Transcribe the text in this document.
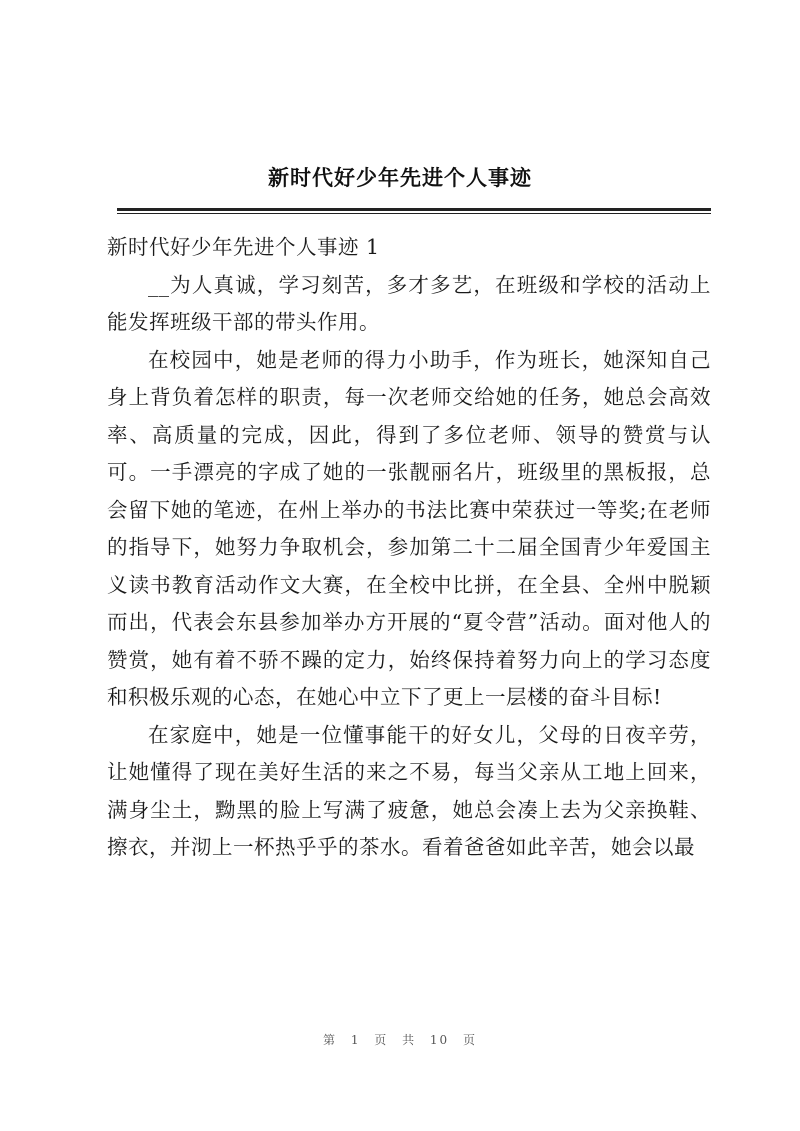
新时代好少年先进个人事迹

新时代好少年先进个人事迹 1

__为人真诚，学习刻苦，多才多艺，在班级和学校的活动上能发挥班级干部的带头作用。

在校园中，她是老师的得力小助手，作为班长，她深知自己身上背负着怎样的职责，每一次老师交给她的任务，她总会高效率、高质量的完成，因此，得到了多位老师、领导的赞赏与认可。一手漂亮的字成了她的一张靓丽名片，班级里的黑板报，总会留下她的笔迹，在州上举办的书法比赛中荣获过一等奖;在老师的指导下，她努力争取机会，参加第二十二届全国青少年爱国主义读书教育活动作文大赛，在全校中比拼，在全县、全州中脱颖而出，代表会东县参加举办方开展的“夏令营”活动。面对他人的赞赏，她有着不骄不躁的定力，始终保持着努力向上的学习态度和积极乐观的心态，在她心中立下了更上一层楼的奋斗目标!

在家庭中，她是一位懂事能干的好女儿，父母的日夜辛劳，让她懂得了现在美好生活的来之不易，每当父亲从工地上回来，满身尘土，黝黑的脸上写满了疲惫，她总会凑上去为父亲换鞋、擦衣，并沏上一杯热乎乎的茶水。看着爸爸如此辛苦，她会以最

第 1 页 共 10 页
